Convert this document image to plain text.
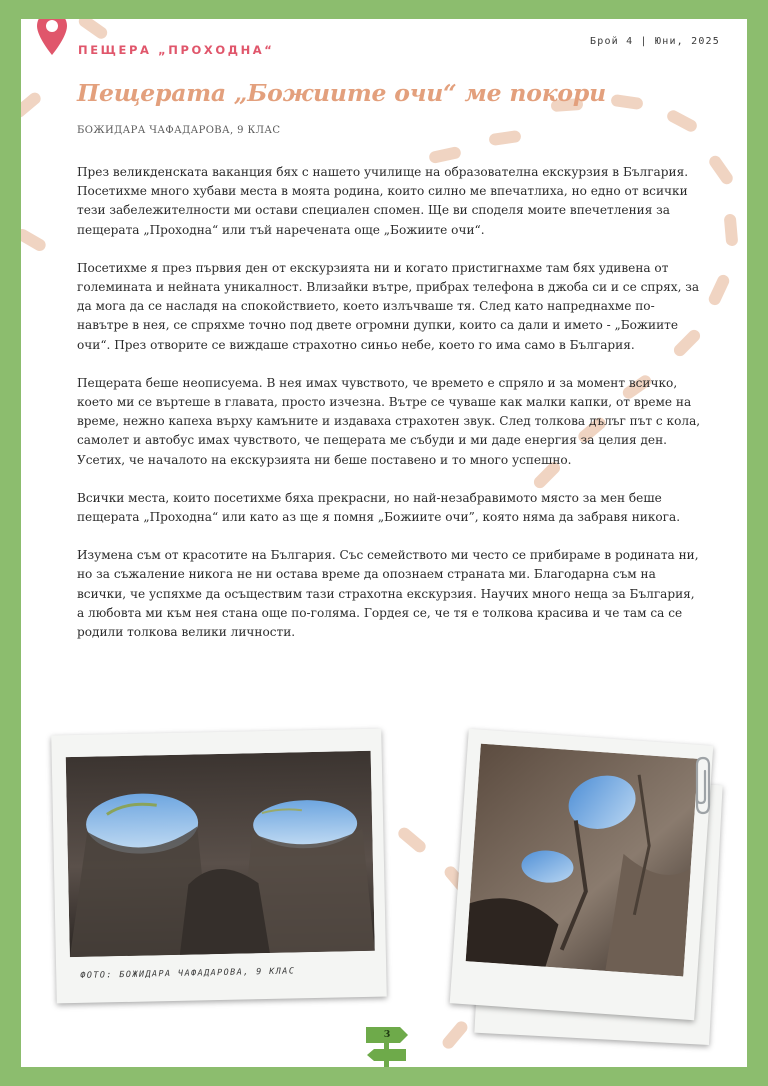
ПЕЩЕРА „ПРОХОДНА“
Брой 4 | Юни, 2025
Пещерата „Божиите очи“ ме покори
БОЖИДАРА ЧАФАДАРОВА, 9 КЛАС

През великденската ваканция бях с нашето училище на образователна екскурзия в България. Посетихме много хубави места в моята родина, които силно ме впечатлиха, но едно от всички тези забележителности ми остави специален спомен. Ще ви споделя моите впечетления за пещерата „Проходна“ или тъй наречената още „Божиите очи“.

Посетихме я през първия ден от екскурзията ни и когато пристигнахме там бях удивена от големината и нейната уникалност. Влизайки вътре, прибрах телефона в джоба си и се спрях, за да мога да се насладя на спокойствието, което излъчваше тя. След като напреднахме по-навътре в нея, се спряхме точно под двете огромни дупки, които са дали и името - „Божиите очи“. През отворите се виждаше страхотно синьо небе, което го има само в България.

Пещерата беше неописуема. В нея имах чувството, че времето е спряло и за момент всичко, което ми се въртеше в главата, просто изчезна. Вътре се чуваше как малки капки, от време на време, нежно капеха върху камъните и издаваха страхотен звук. След толкова дълъг път с кола, самолет и автобус имах чувството, че пещерата ме събуди и ми даде енергия за целия ден. Усетих, че началото на екскурзията ни беше поставено и то много успешно.

Всички места, които посетихме бяха прекрасни, но най-незабравимото място за мен беше пещерата „Проходна“ или като аз ще я помня „Божиите очи”, която няма да забравя никога.

Изумена съм от красотите на България. Със семейството ми често се прибираме в родината ни, но за съжаление никога не ни остава време да опознаем страната ми. Благодарна съм на всички, че успяхме да осъществим тази страхотна екскурзия. Научих много неща за България, а любовта ми към нея стана още по-голяма. Гордея се, че тя е толкова красива и че там са се родили толкова велики личности.

ФОТО: БОЖИДАРА ЧАФАДАРОВА, 9 КЛАС
3
